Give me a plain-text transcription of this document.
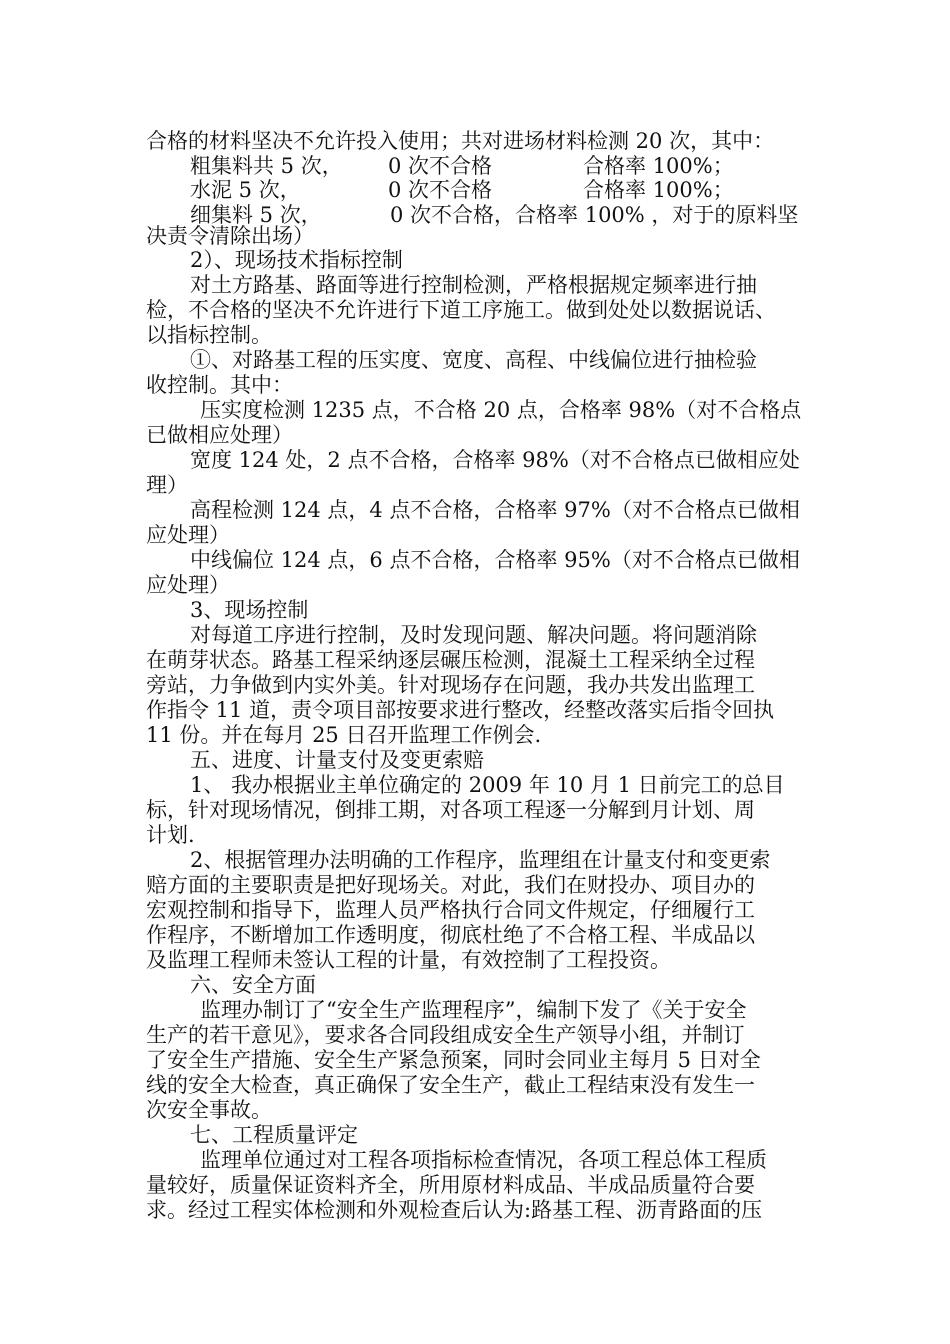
合格的材料坚决不允许投入使用；共对进场材料检测 20 次，其中：
粗集料共 5 次， 0 次不合格	合格率 100%；
水泥 5 次，	0 次不合格	合格率 100%；
细集料 5 次，	0 次不合格，合格率 100% ，对于的原料坚
决责令清除出场）
2）、现场技术指标控制
对土方路基、路面等进行控制检测，严格根据规定频率进行抽
检，不合格的坚决不允许进行下道工序施工。做到处处以数据说话、
以指标控制。
①、对路基工程的压实度、宽度、高程、中线偏位进行抽检验
收控制。其中：
压实度检测 1235 点，不合格 20 点，合格率 98%（对不合格点
已做相应处理）
宽度 124 处，2 点不合格，合格率 98%（对不合格点已做相应处
理）
高程检测 124 点，4 点不合格，合格率 97%（对不合格点已做相
应处理）
中线偏位 124 点，6 点不合格，合格率 95%（对不合格点已做相
应处理）
3、现场控制
对每道工序进行控制，及时发现问题、解决问题。将问题消除
在萌芽状态。路基工程采纳逐层碾压检测，混凝土工程采纳全过程
旁站，力争做到内实外美。针对现场存在问题，我办共发出监理工
作指令 11 道，责令项目部按要求进行整改，经整改落实后指令回执
11 份。并在每月 25 日召开监理工作例会.
五、进度、计量支付及变更索赔
1、 我办根据业主单位确定的 2009 年 10 月 1 日前完工的总目
标，针对现场情况，倒排工期，对各项工程逐一分解到月计划、周
计划.
2、根据管理办法明确的工作程序，监理组在计量支付和变更索
赔方面的主要职责是把好现场关。对此，我们在财投办、项目办的
宏观控制和指导下，监理人员严格执行合同文件规定，仔细履行工
作程序，不断增加工作透明度，彻底杜绝了不合格工程、半成品以
及监理工程师未签认工程的计量，有效控制了工程投资。
六、安全方面
监理办制订了“安全生产监理程序”，编制下发了《关于安全
生产的若干意见》，要求各合同段组成安全生产领导小组，并制订
了安全生产措施、安全生产紧急预案，同时会同业主每月 5 日对全
线的安全大检查，真正确保了安全生产，截止工程结束没有发生一
次安全事故。
七、工程质量评定
监理单位通过对工程各项指标检查情况，各项工程总体工程质
量较好，质量保证资料齐全，所用原材料成品、半成品质量符合要
求。经过工程实体检测和外观检查后认为:路基工程、沥青路面的压
